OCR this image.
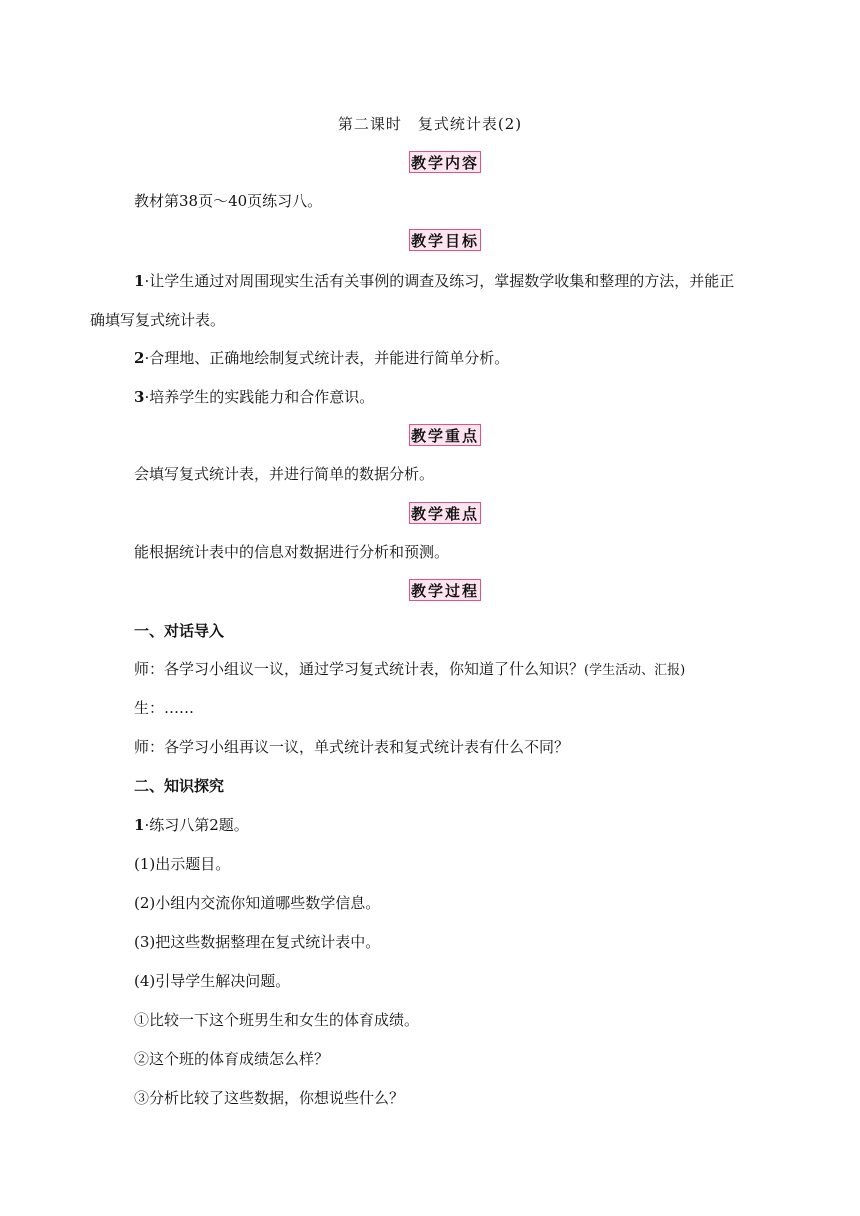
第二课时　复式统计表(2)
教学内容
教材第38页～40页练习八。
教学目标
1·让学生通过对周围现实生活有关事例的调查及练习，掌握数学收集和整理的方法，并能正
确填写复式统计表。
2·合理地、正确地绘制复式统计表，并能进行简单分析。
3·培养学生的实践能力和合作意识。
教学重点
会填写复式统计表，并进行简单的数据分析。
教学难点
能根据统计表中的信息对数据进行分析和预测。
教学过程
一、对话导入
师：各学习小组议一议，通过学习复式统计表，你知道了什么知识？(学生活动、汇报)
生：……
师：各学习小组再议一议，单式统计表和复式统计表有什么不同？
二、知识探究
1·练习八第2题。
(1)出示题目。
(2)小组内交流你知道哪些数学信息。
(3)把这些数据整理在复式统计表中。
(4)引导学生解决问题。
①比较一下这个班男生和女生的体育成绩。
②这个班的体育成绩怎么样？
③分析比较了这些数据，你想说些什么？
